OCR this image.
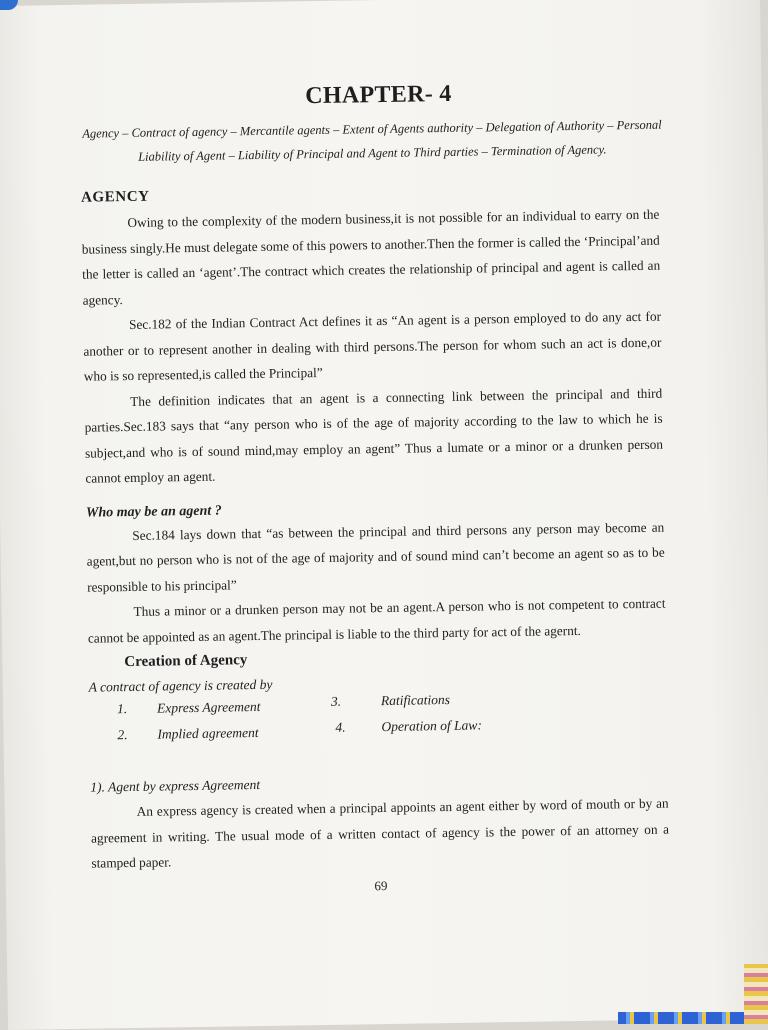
CHAPTER- 4
Agency – Contract of agency – Mercantile agents – Extent of Agents authority – Delegation of Authority – Personal Liability of Agent – Liability of Principal and Agent to Third parties – Termination of Agency.
AGENCY

Owing to the complexity of the modern business,it is not possible for an individual to earry on the business singly.He must delegate some of this powers to another.Then the former is called the ‘Principal’and the letter is called an ‘agent’.The contract which creates the relationship of principal and agent is called an agency.

Sec.182 of the Indian Contract Act defines it as “An agent is a person employed to do any act for another or to represent another in dealing with third persons.The person for whom such an act is done,or who is so represented,is called the Principal”

The definition indicates that an agent is a connecting link between the principal and third parties.Sec.183 says that “any person who is of the age of majority according to the law to which he is subject,and who is of sound mind,may employ an agent” Thus a lumate or a minor or a drunken person cannot employ an agent.

Who may be an agent ?

Sec.184 lays down that “as between the principal and third persons any person may become an agent,but no person who is not of the age of majority and of sound mind can’t become an agent so as to be responsible to his principal”

Thus a minor or a drunken person may not be an agent.A person who is not competent to contract cannot be appointed as an agent.The principal is liable to the third party for act of the agernt.

Creation of Agency
A contract of agency is created by
1. Express Agreement
2. Implied agreement
3.	Ratifications
4.	Operation of Law:
1). Agent by express Agreement

An express agency is created when a principal appoints an agent either by word of mouth or by an agreement in writing. The usual mode of a written contact of agency is the power of an attorney on a stamped paper.

69
